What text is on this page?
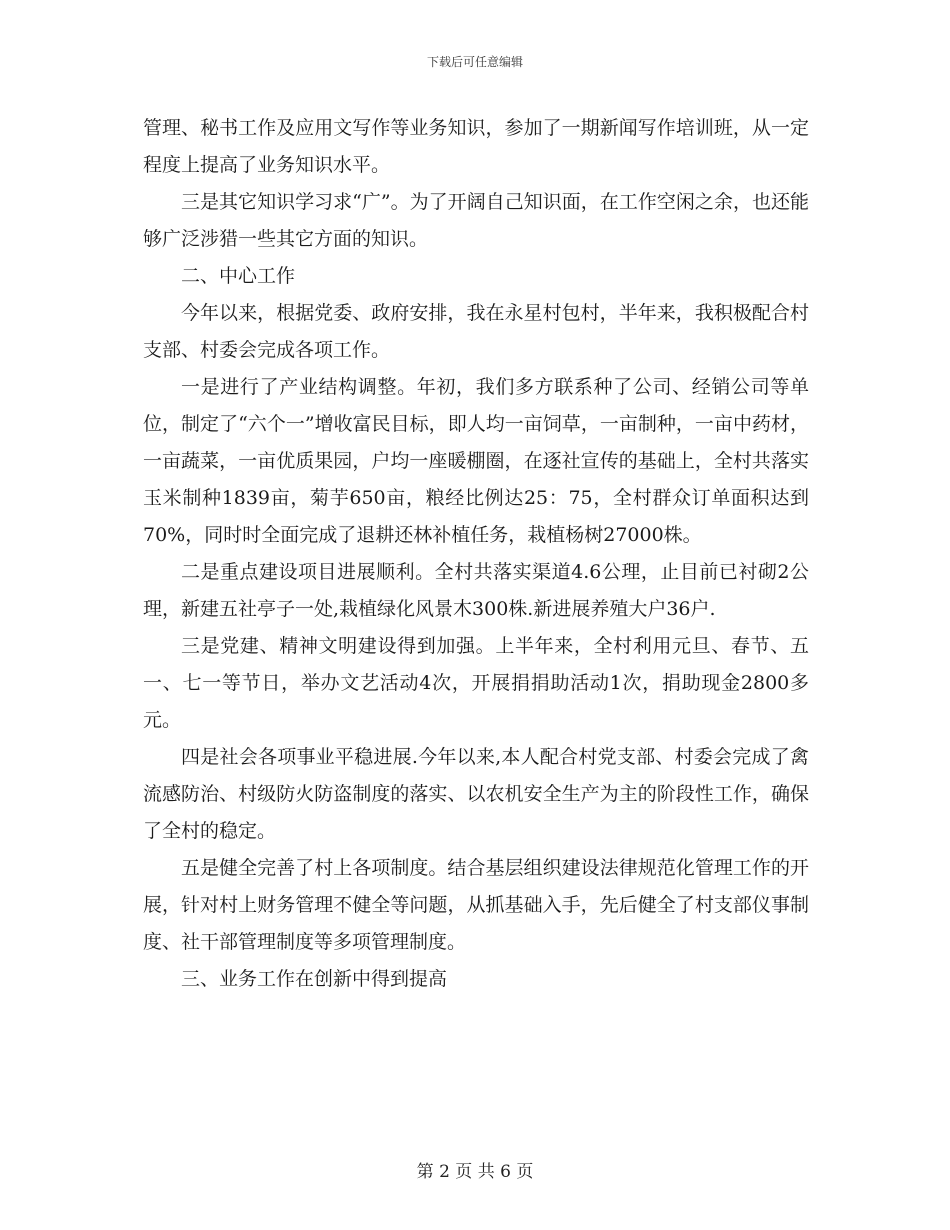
下载后可任意编辑

管理、秘书工作及应用文写作等业务知识，参加了一期新闻写作培训班，从一定程度上提高了业务知识水平。

三是其它知识学习求“广”。为了开阔自己知识面，在工作空闲之余，也还能够广泛涉猎一些其它方面的知识。

二、中心工作

今年以来，根据党委、政府安排，我在永星村包村，半年来，我积极配合村支部、村委会完成各项工作。

一是进行了产业结构调整。年初，我们多方联系种了公司、经销公司等单位，制定了“六个一”增收富民目标，即人均一亩饲草，一亩制种，一亩中药材，一亩蔬菜，一亩优质果园，户均一座暖棚圈，在逐社宣传的基础上，全村共落实玉米制种1839亩，菊芋650亩，粮经比例达25：75，全村群众订单面积达到70%，同时时全面完成了退耕还林补植任务，栽植杨树27000株。

二是重点建设项目进展顺利。全村共落实渠道4.6公理，止目前已衬砌2公理，新建五社亭子一处,栽植绿化风景木300株.新进展养殖大户36户.

三是党建、精神文明建设得到加强。上半年来，全村利用元旦、春节、五一、七一等节日，举办文艺活动4次，开展捐捐助活动1次，捐助现金2800多元。

四是社会各项事业平稳进展.今年以来,本人配合村党支部、村委会完成了禽流感防治、村级防火防盗制度的落实、以农机安全生产为主的阶段性工作，确保了全村的稳定。

五是健全完善了村上各项制度。结合基层组织建设法律规范化管理工作的开展，针对村上财务管理不健全等问题，从抓基础入手，先后健全了村支部仪事制度、社干部管理制度等多项管理制度。

三、业务工作在创新中得到提高

第 2 页 共 6 页
